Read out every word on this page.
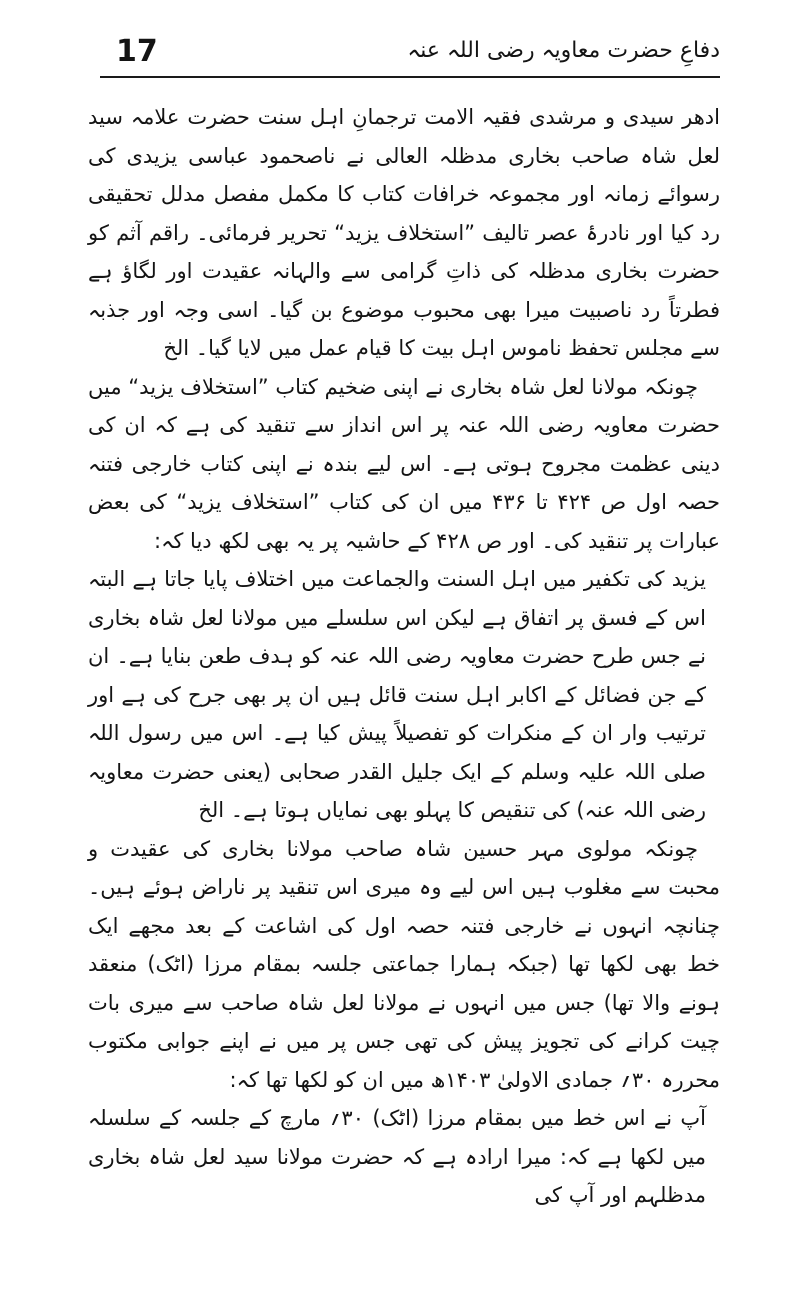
17	دفاعِ حضرت معاویہ رضی اللہ عنہ

ادھر سیدی و مرشدی فقیہ الامت ترجمانِ اہل سنت حضرت علامہ سید لعل شاہ صاحب بخاری مدظلہ العالی نے ناصحمود عباسی یزیدی کی رسوائے زمانہ اور مجموعہ خرافات کتاب کا مکمل مفصل مدلل تحقیقی رد کیا اور نادرۂ عصر تالیف ”استخلاف یزید“ تحریر فرمائی۔ راقم آثم کو حضرت بخاری مدظلہ کی ذاتِ گرامی سے والہانہ عقیدت اور لگاؤ ہے فطرتاً رد ناصبیت میرا بھی محبوب موضوع بن گیا۔ اسی وجہ اور جذبہ سے مجلس تحفظ ناموس اہل بیت کا قیام عمل میں لایا گیا۔ الخ

چونکہ مولانا لعل شاہ بخاری نے اپنی ضخیم کتاب ”استخلاف یزید“ میں حضرت معاویہ رضی اللہ عنہ پر اس انداز سے تنقید کی ہے کہ ان کی دینی عظمت مجروح ہوتی ہے۔ اس لیے بندہ نے اپنی کتاب خارجی فتنہ حصہ اول ص ۴۲۴ تا ۴۳۶ میں ان کی کتاب ”استخلاف یزید“ کی بعض عبارات پر تنقید کی۔ اور ص ۴۲۸ کے حاشیہ پر یہ بھی لکھ دیا کہ:

یزید کی تکفیر میں اہل السنت والجماعت میں اختلاف پایا جاتا ہے البتہ اس کے فسق پر اتفاق ہے لیکن اس سلسلے میں مولانا لعل شاہ بخاری نے جس طرح حضرت معاویہ رضی اللہ عنہ کو ہدف طعن بنایا ہے۔ ان کے جن فضائل کے اکابر اہل سنت قائل ہیں ان پر بھی جرح کی ہے اور ترتیب وار ان کے منکرات کو تفصیلاً پیش کیا ہے۔ اس میں رسول اللہ صلی اللہ علیہ وسلم کے ایک جلیل القدر صحابی (یعنی حضرت معاویہ رضی اللہ عنہ) کی تنقیص کا پہلو بھی نمایاں ہوتا ہے۔ الخ

چونکہ مولوی مہر حسین شاہ صاحب مولانا بخاری کی عقیدت و محبت سے مغلوب ہیں اس لیے وہ میری اس تنقید پر ناراض ہوئے ہیں۔ چنانچہ انہوں نے خارجی فتنہ حصہ اول کی اشاعت کے بعد مجھے ایک خط بھی لکھا تھا (جبکہ ہمارا جماعتی جلسہ بمقام مرزا (اٹک) منعقد ہونے والا تھا) جس میں انہوں نے مولانا لعل شاہ صاحب سے میری بات چیت کرانے کی تجویز پیش کی تھی جس پر میں نے اپنے جوابی مکتوب محررہ ۳۰؍ جمادی الاولیٰ ۱۴۰۳ھ میں ان کو لکھا تھا کہ:

آپ نے اس خط میں بمقام مرزا (اٹک) ۳۰؍ مارچ کے جلسہ کے سلسلہ میں لکھا ہے کہ: میرا ارادہ ہے کہ حضرت مولانا سید لعل شاہ بخاری مدظلہم اور آپ کی
